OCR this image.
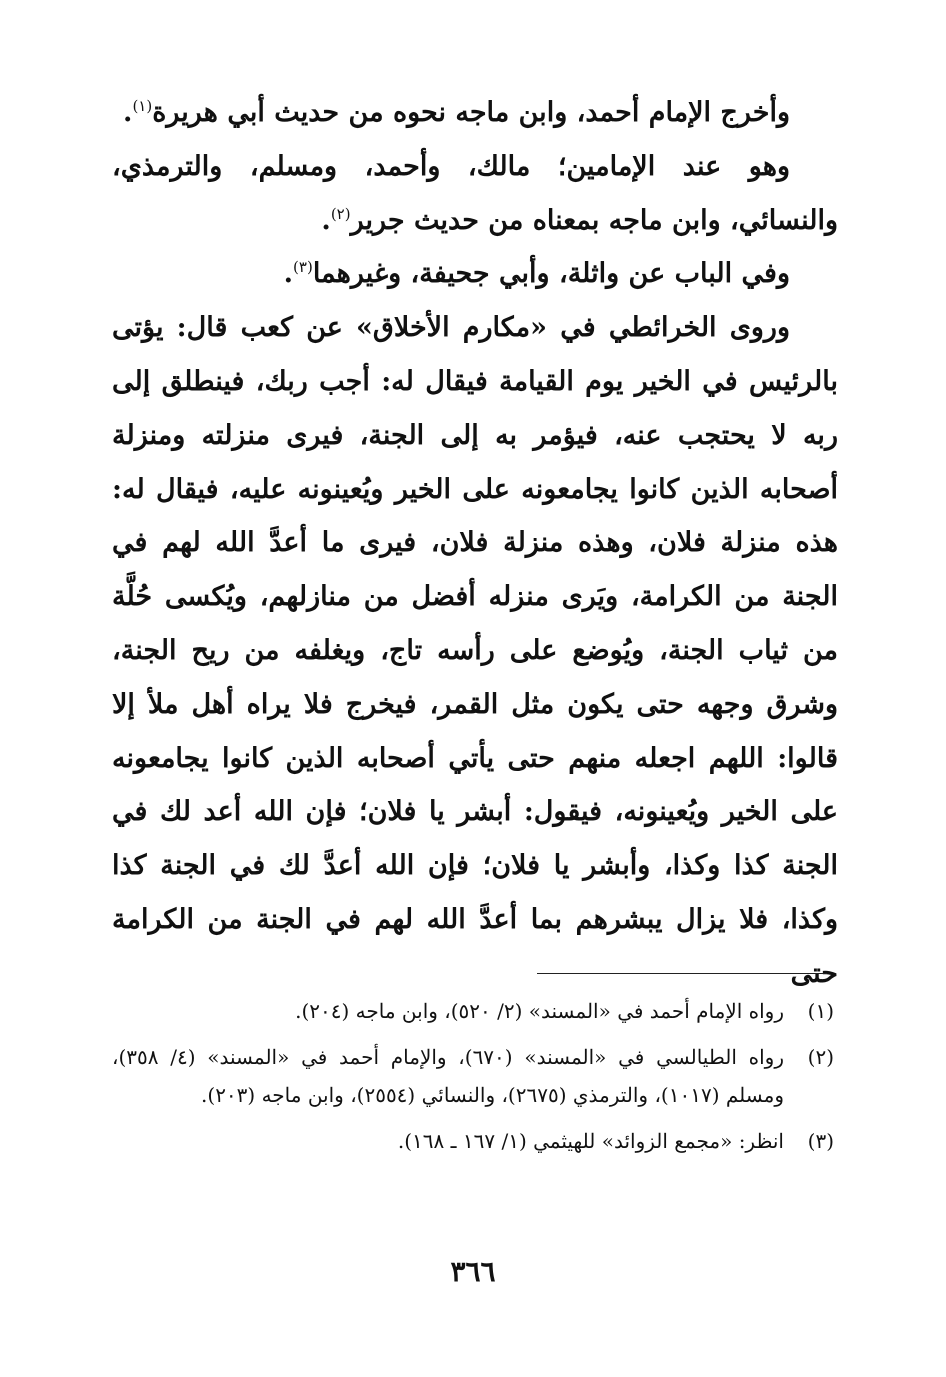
وأخرج الإمام أحمد، وابن ماجه نحوه من حديث أبي هريرة$^{(١)}$.

وهو عند الإمامين؛ مالك، وأحمد، ومسلم، والترمذي، والنسائي، وابن ماجه بمعناه من حديث جرير$^{(٢)}$.

وفي الباب عن واثلة، وأبي جحيفة، وغيرهما$^{(٣)}$.

وروى الخرائطي في «مكارم الأخلاق» عن كعب قال: يؤتى بالرئيس في الخير يوم القيامة فيقال له: أجب ربك، فينطلق إلى ربه لا يحتجب عنه، فيؤمر به إلى الجنة، فيرى منزلته ومنزلة أصحابه الذين كانوا يجامعونه على الخير ويُعينونه عليه، فيقال له: هذه منزلة فلان، وهذه منزلة فلان، فيرى ما أعدَّ الله لهم في الجنة من الكرامة، ويَرى منزله أفضل من منازلهم، ويُكسى حُلَّة من ثياب الجنة، ويُوضع على رأسه تاج، ويغلفه من ريح الجنة، وشرق وجهه حتى يكون مثل القمر، فيخرج فلا يراه أهل ملأ إلا قالوا: اللهم اجعله منهم حتى يأتي أصحابه الذين كانوا يجامعونه على الخير ويُعينونه، فيقول: أبشر يا فلان؛ فإن الله أعد لك في الجنة كذا وكذا، وأبشر يا فلان؛ فإن الله أعدَّ لك في الجنة كذا وكذا، فلا يزال يبشرهم بما أعدَّ الله لهم في الجنة من الكرامة حتى

(١)
رواه الإمام أحمد في «المسند» (٢/ ٥٢٠)، وابن ماجه (٢٠٤).
(٢)
رواه الطيالسي في «المسند» (٦٧٠)، والإمام أحمد في «المسند» (٤/ ٣٥٨)، ومسلم (١٠١٧)، والترمذي (٢٦٧٥)، والنسائي (٢٥٥٤)، وابن ماجه (٢٠٣).
(٣)
انظر: «مجمع الزوائد» للهيثمي (١/ ١٦٧ ـ ١٦٨).
٣٦٦
